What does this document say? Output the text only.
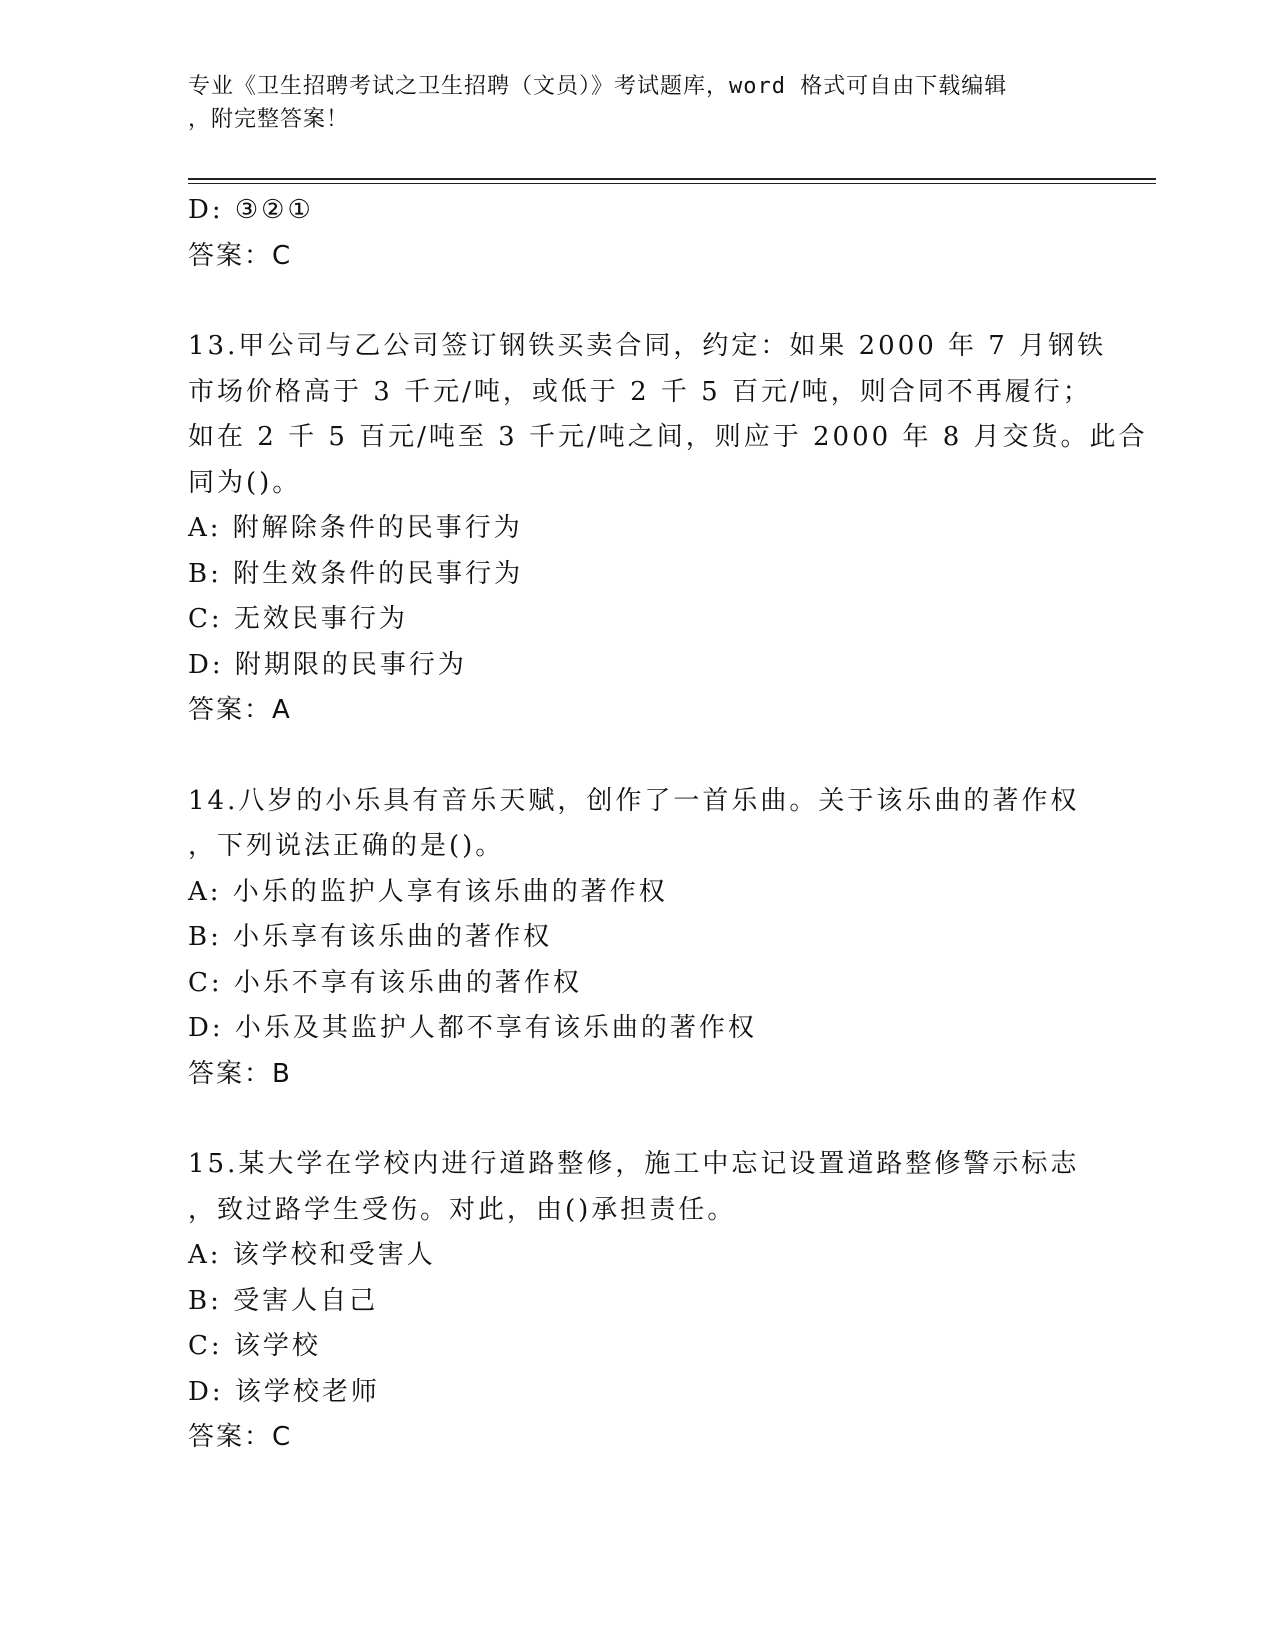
专业《卫生招聘考试之卫生招聘（文员）》考试题库，word 格式可自由下载编辑
，附完整答案！
D: ③②①
答案：C
13.甲公司与乙公司签订钢铁买卖合同，约定：如果 2000 年 7 月钢铁
市场价格高于 3 千元/吨，或低于 2 千 5 百元/吨，则合同不再履行；
如在 2 千 5 百元/吨至 3 千元/吨之间，则应于 2000 年 8 月交货。此合
同为()。
A: 附解除条件的民事行为
B: 附生效条件的民事行为
C: 无效民事行为
D: 附期限的民事行为
答案：A
14.八岁的小乐具有音乐天赋，创作了一首乐曲。关于该乐曲的著作权
，下列说法正确的是()。
A: 小乐的监护人享有该乐曲的著作权
B: 小乐享有该乐曲的著作权
C: 小乐不享有该乐曲的著作权
D: 小乐及其监护人都不享有该乐曲的著作权
答案：B
15.某大学在学校内进行道路整修，施工中忘记设置道路整修警示标志
，致过路学生受伤。对此，由()承担责任。
A: 该学校和受害人
B: 受害人自己
C: 该学校
D: 该学校老师
答案：C
